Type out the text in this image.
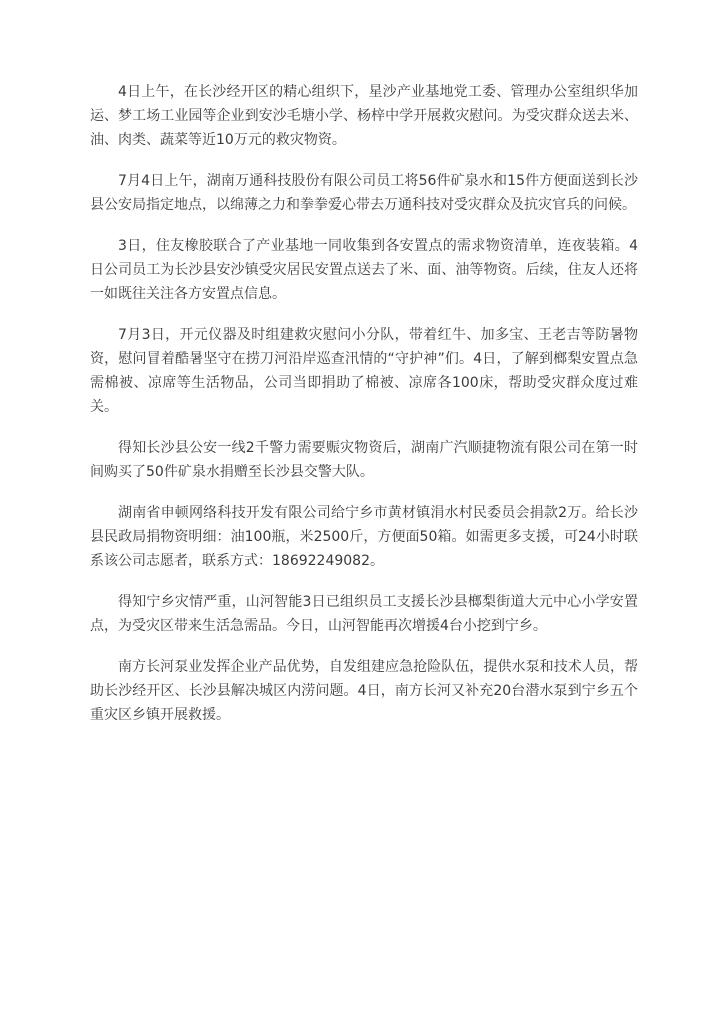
4日上午，在长沙经开区的精心组织下，星沙产业基地党工委、管理办公室组织华加运、梦工场工业园等企业到安沙毛塘小学、杨梓中学开展救灾慰问。为受灾群众送去米、油、肉类、蔬菜等近10万元的救灾物资。

7月4日上午，湖南万通科技股份有限公司员工将56件矿泉水和15件方便面送到长沙县公安局指定地点，以绵薄之力和拳拳爱心带去万通科技对受灾群众及抗灾官兵的问候。

3日，住友橡胶联合了产业基地一同收集到各安置点的需求物资清单，连夜装箱。4日公司员工为长沙县安沙镇受灾居民安置点送去了米、面、油等物资。后续，住友人还将一如既往关注各方安置点信息。

7月3日，开元仪器及时组建救灾慰问小分队，带着红牛、加多宝、王老吉等防暑物资，慰问冒着酷暑坚守在捞刀河沿岸巡查汛情的“守护神”们。4日，了解到榔梨安置点急需棉被、凉席等生活物品，公司当即捐助了棉被、凉席各100床，帮助受灾群众度过难关。

得知长沙县公安一线2千警力需要赈灾物资后，湖南广汽顺捷物流有限公司在第一时间购买了50件矿泉水捐赠至长沙县交警大队。

湖南省申顿网络科技开发有限公司给宁乡市黄材镇涓水村民委员会捐款2万。给长沙县民政局捐物资明细：油100瓶，米2500斤，方便面50箱。如需更多支援，可24小时联系该公司志愿者，联系方式：18692249082。

得知宁乡灾情严重，山河智能3日已组织员工支援长沙县榔梨街道大元中心小学安置点，为受灾区带来生活急需品。今日，山河智能再次增援4台小挖到宁乡。

南方长河泵业发挥企业产品优势，自发组建应急抢险队伍，提供水泵和技术人员，帮助长沙经开区、长沙县解决城区内涝问题。4日，南方长河又补充20台潜水泵到宁乡五个重灾区乡镇开展救援。
